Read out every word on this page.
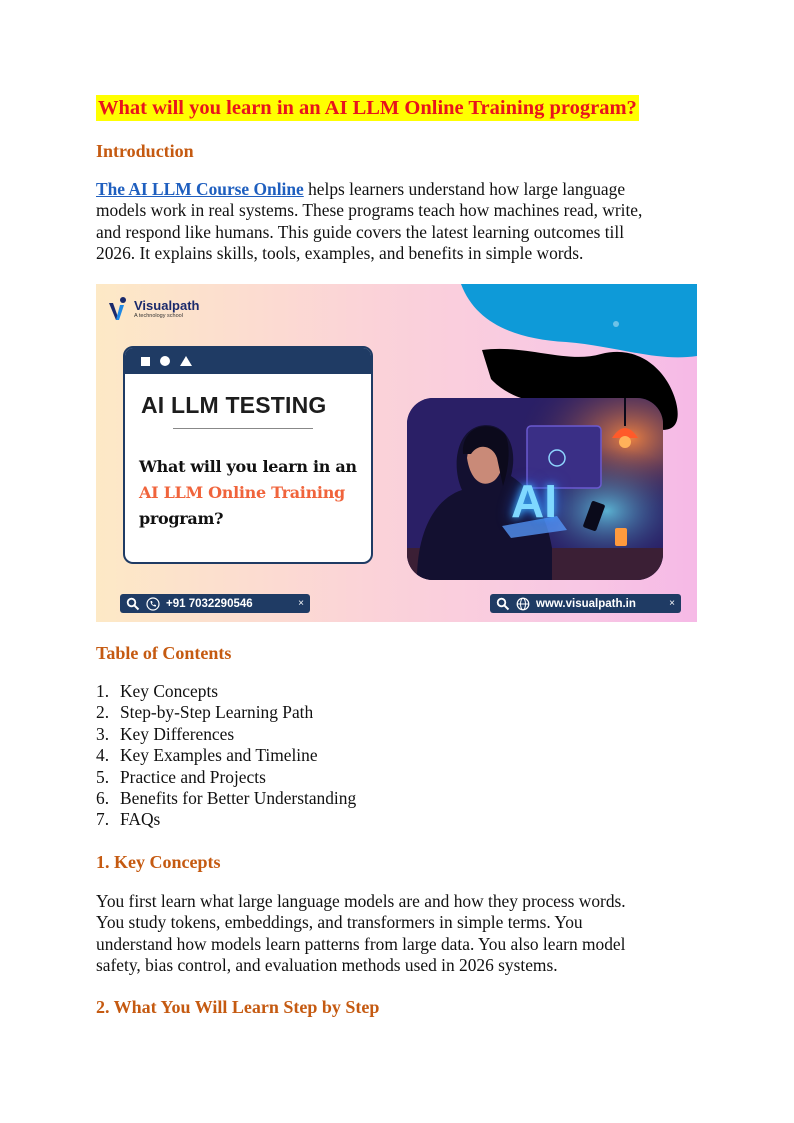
What will you learn in an AI LLM Online Training program?
Introduction

The AI LLM Course Online helps learners understand how large language
models work in real systems. These programs teach how machines read, write,
and respond like humans. This guide covers the latest learning outcomes till
2026. It explains skills, tools, examples, and benefits in simple words.

Visualpath
A technology school
AI LLM TESTING
What will you learn in an
AI LLM Online Training
program?	AI
+91 7032290546	×	www.visualpath.in	×
Table of Contents
1. Key Concepts
2. Step-by-Step Learning Path
3. Key Differences
4. Key Examples and Timeline
5. Practice and Projects
6. Benefits for Better Understanding
7. FAQs
1. Key Concepts

You first learn what large language models are and how they process words.
You study tokens, embeddings, and transformers in simple terms. You
understand how models learn patterns from large data. You also learn model
safety, bias control, and evaluation methods used in 2026 systems.

2. What You Will Learn Step by Step
